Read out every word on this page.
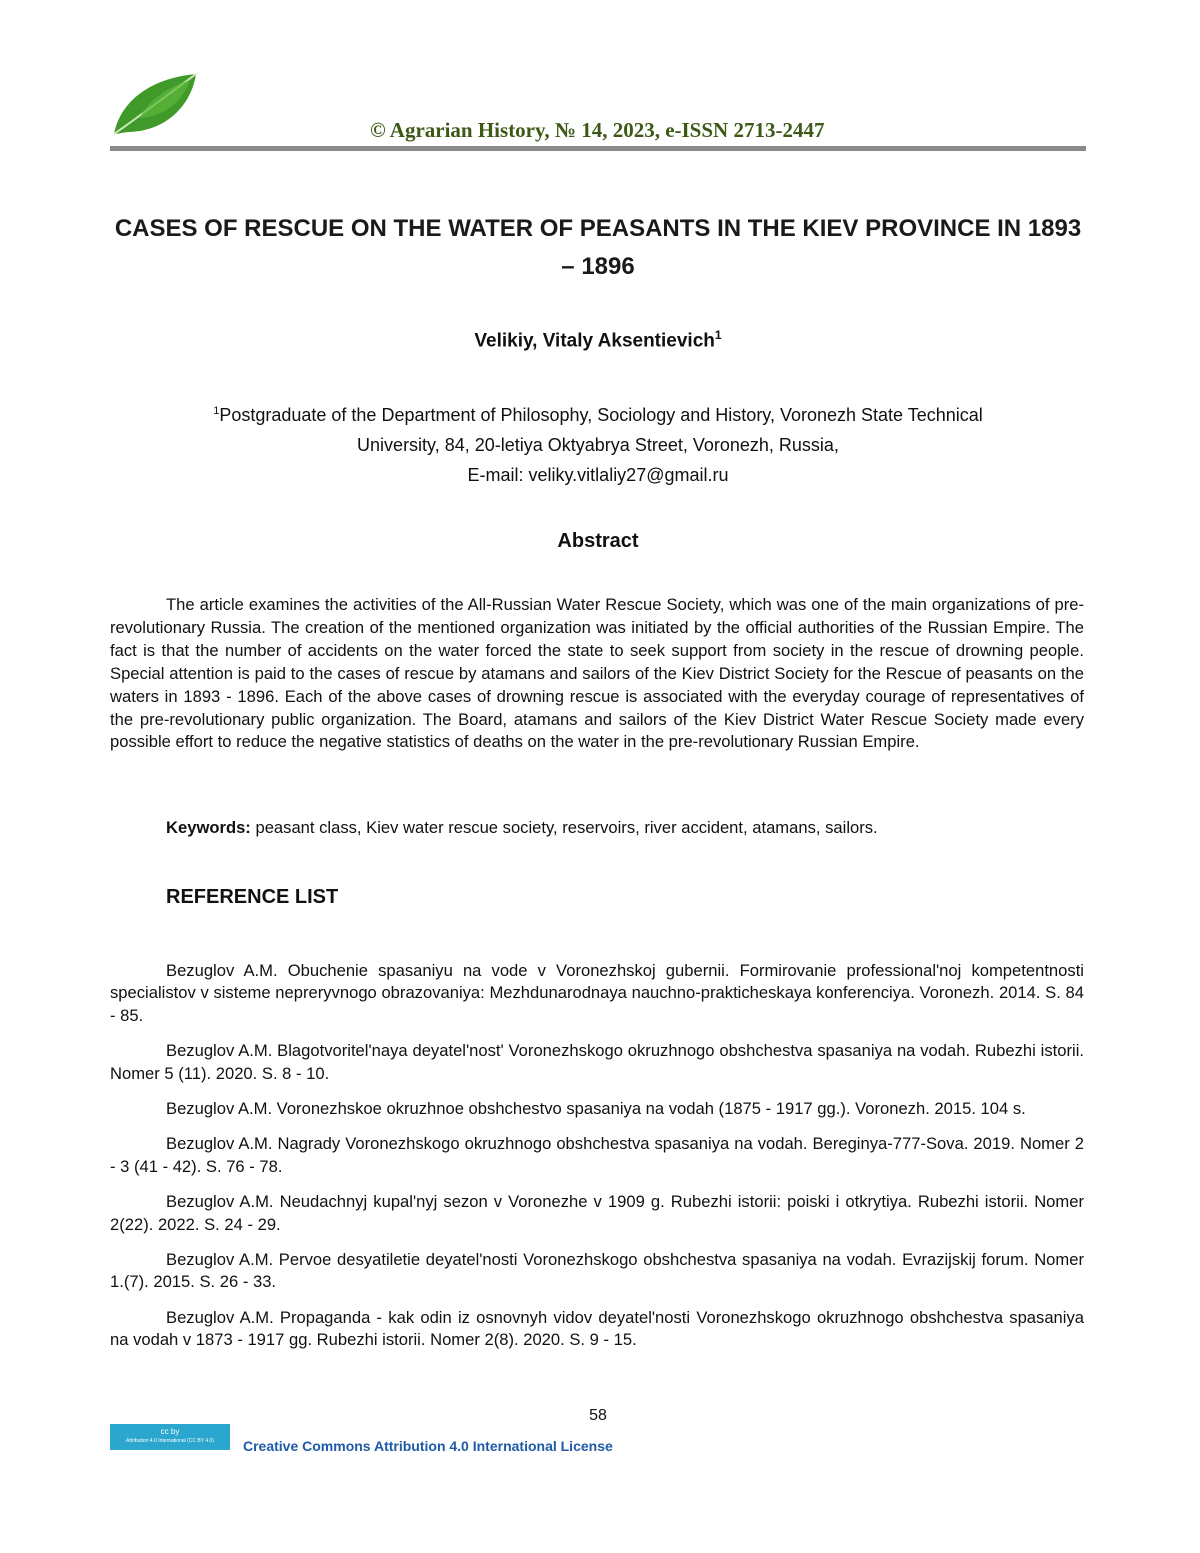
© Agrarian History, № 14, 2023, e-ISSN 2713-2447
CASES OF RESCUE ON THE WATER OF PEASANTS IN THE KIEV PROVINCE IN 1893 – 1896
Velikiy, Vitaly Aksentievich$^1$
$^1$Postgraduate of the Department of Philosophy, Sociology and History, Voronezh State Technical
University, 84, 20-letiya Oktyabrya Street, Voronezh, Russia,
E-mail: veliky.vitlaliy27@gmail.ru
Abstract

The article examines the activities of the All-Russian Water Rescue Society, which was one of the main organizations of pre-revolutionary Russia. The creation of the mentioned organization was initiated by the official authorities of the Russian Empire. The fact is that the number of accidents on the water forced the state to seek support from society in the rescue of drowning people. Special attention is paid to the cases of rescue by atamans and sailors of the Kiev District Society for the Rescue of peasants on the waters in 1893 - 1896. Each of the above cases of drowning rescue is associated with the everyday courage of representatives of the pre-revolutionary public organization. The Board, atamans and sailors of the Kiev District Water Rescue Society made every possible effort to reduce the negative statistics of deaths on the water in the pre-revolutionary Russian Empire.

Keywords: peasant class, Kiev water rescue society, reservoirs, river accident, atamans, sailors.
REFERENCE LIST

Bezuglov A.M. Obuchenie spasaniyu na vode v Voronezhskoj gubernii. Formirovanie professional'noj kompetentnosti specialistov v sisteme nepreryvnogo obrazovaniya: Mezhdunarodnaya nauchno-prakticheskaya konferenciya. Voronezh. 2014. S. 84 - 85.

Bezuglov A.M. Blagotvoritel'naya deyatel'nost' Voronezhskogo okruzhnogo obshchestva spasaniya na vodah. Rubezhi istorii. Nomer 5 (11). 2020. S. 8 - 10.

Bezuglov A.M. Voronezhskoe okruzhnoe obshchestvo spasaniya na vodah (1875 - 1917 gg.). Voronezh. 2015. 104 s.

Bezuglov A.M. Nagrady Voronezhskogo okruzhnogo obshchestva spasaniya na vodah. Bereginya-777-Sova. 2019. Nomer 2 - 3 (41 - 42). S. 76 - 78.

Bezuglov A.M. Neudachnyj kupal'nyj sezon v Voronezhe v 1909 g. Rubezhi istorii: poiski i otkrytiya. Rubezhi istorii. Nomer 2(22). 2022. S. 24 - 29.

Bezuglov A.M. Pervoe desyatiletie deyatel'nosti Voronezhskogo obshchestva spasaniya na vodah. Evrazijskij forum. Nomer 1.(7). 2015. S. 26 - 33.

Bezuglov A.M. Propaganda - kak odin iz osnovnyh vidov deyatel'nosti Voronezhskogo okruzhnogo obshchestva spasaniya na vodah v 1873 - 1917 gg. Rubezhi istorii. Nomer 2(8). 2020. S. 9 - 15.

58
cc by
Attribution 4.0 International (CC BY 4.0)	Creative Commons Attribution 4.0 International License
